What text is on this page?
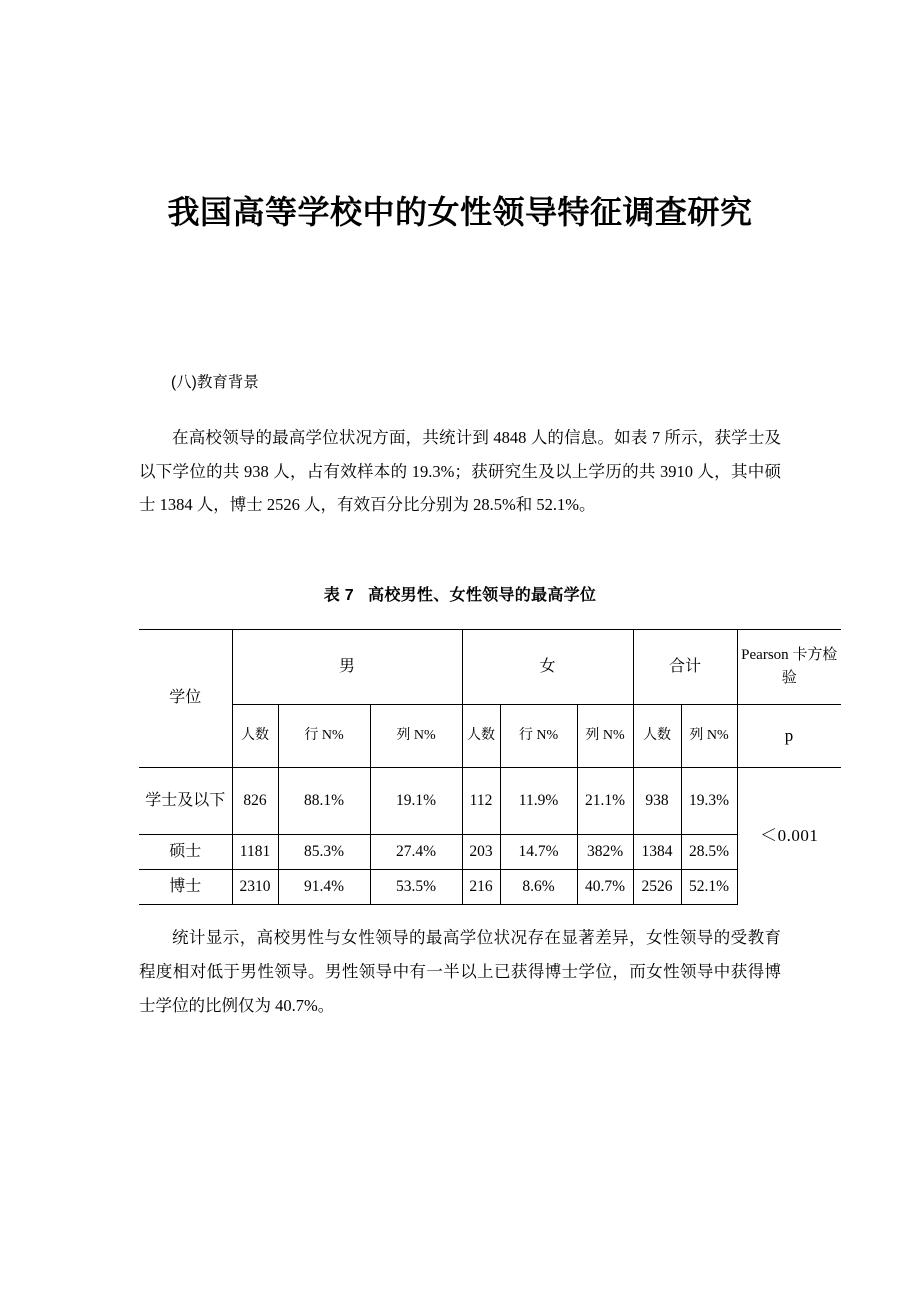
我国高等学校中的女性领导特征调查研究
(八)教育背景

在高校领导的最高学位状况方面，共统计到 4848 人的信息。如表 7 所示，获学士及以下学位的共 938 人，占有效样本的 19.3%；获研究生及以上学历的共 3910 人，其中硕士 1384 人，博士 2526 人，有效百分比分别为 28.5%和 52.1%。

表 7 高校男性、女性领导的最高学位

学位	男			女			合计		Pearson 卡方检验
	人数	行 N%	列 N%	人数	行 N%	列 N%	人数	列 N%	p
学士及以下	826	88.1%	19.1%	112	11.9%	21.1%	938	19.3%	＜0.001
硕士	1181	85.3%	27.4%	203	14.7%	382%	1384	28.5%	
博士	2310	91.4%	53.5%	216	8.6%	40.7%	2526	52.1%	

统计显示，高校男性与女性领导的最高学位状况存在显著差异，女性领导的受教育程度相对低于男性领导。男性领导中有一半以上已获得博士学位，而女性领导中获得博士学位的比例仅为 40.7%。
